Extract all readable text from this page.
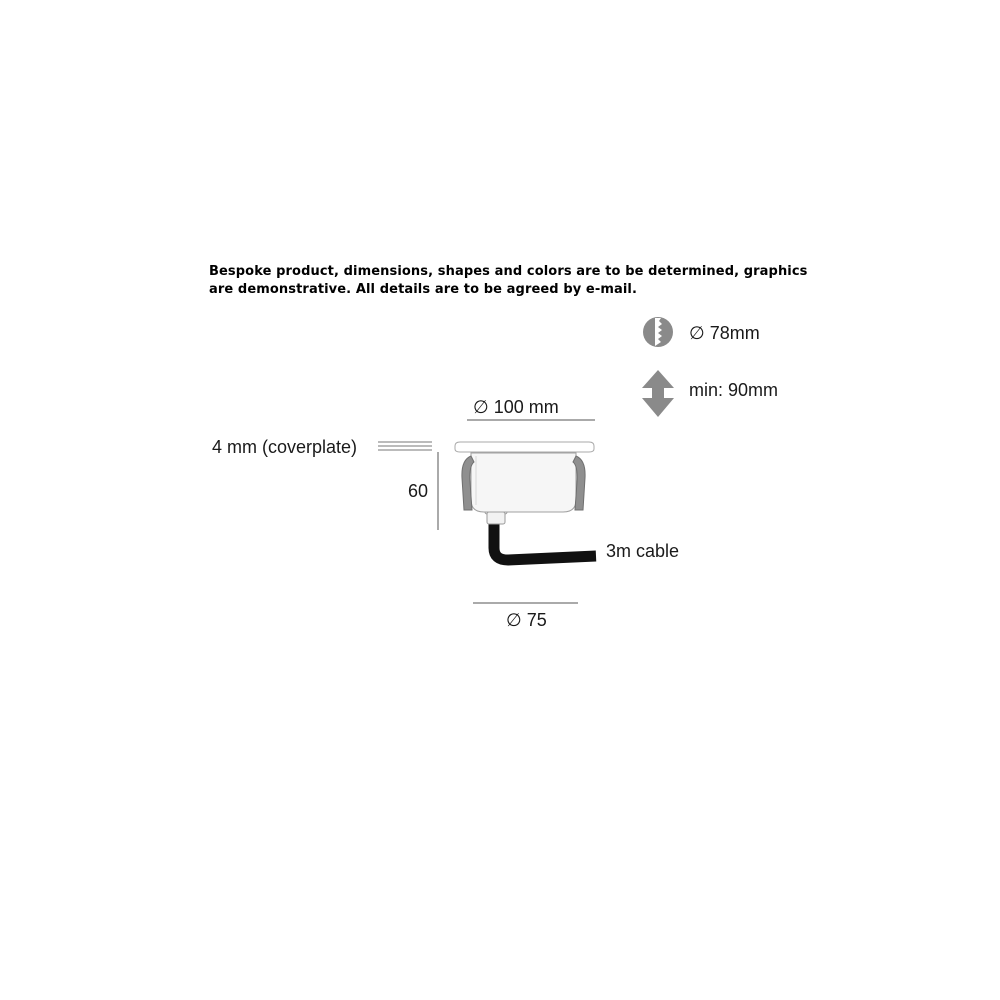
Bespoke product, dimensions, shapes and colors are to be determined, graphics
are demonstrative. All details are to be agreed by e-mail.
∅ 78mm
min: 90mm
∅ 100 mm
4 mm (coverplate)
60
3m cable
∅ 75
